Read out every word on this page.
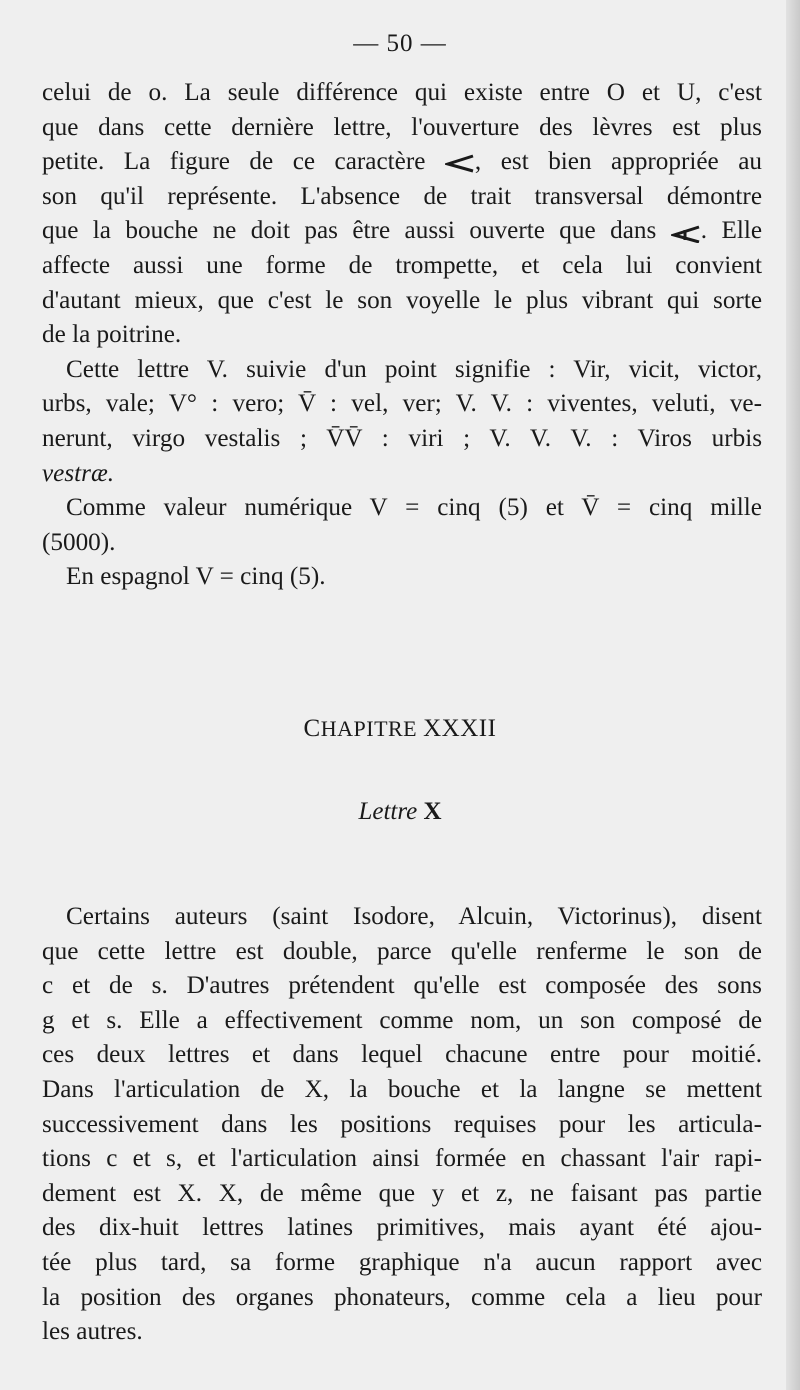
— 50 —

celui de o. La seule différence qui existe entre O et U, c'est
que dans cette dernière lettre, l'ouverture des lèvres est plus
petite. La figure de ce caractère , est bien appropriée au
son qu'il représente. L'absence de trait transversal démontre
que la bouche ne doit pas être aussi ouverte que dans . Elle
affecte aussi une forme de trompette, et cela lui convient
d'autant mieux, que c'est le son voyelle le plus vibrant qui sorte
de la poitrine.

Cette lettre V. suivie d'un point signifie : Vir, vicit, victor,
urbs, vale; V° : vero; V̄ : vel, ver; V. V. : viventes, veluti, ve-
nerunt, virgo vestalis ; V̄V̄ : viri ; V. V. V. : Viros urbis
vestræ.

Comme valeur numérique V = cinq (5) et V̄ = cinq mille
(5000).

En espagnol V = cinq (5).

CHAPITRE XXXII
Lettre X

Certains auteurs (saint Isodore, Alcuin, Victorinus), disent
que cette lettre est double, parce qu'elle renferme le son de
c et de s. D'autres prétendent qu'elle est composée des sons
g et s. Elle a effectivement comme nom, un son composé de
ces deux lettres et dans lequel chacune entre pour moitié.
Dans l'articulation de X, la bouche et la langne se mettent
successivement dans les positions requises pour les articula-
tions c et s, et l'articulation ainsi formée en chassant l'air rapi-
dement est X. X, de même que y et z, ne faisant pas partie
des dix-huit lettres latines primitives, mais ayant été ajou-
tée plus tard, sa forme graphique n'a aucun rapport avec
la position des organes phonateurs, comme cela a lieu pour
les autres.
